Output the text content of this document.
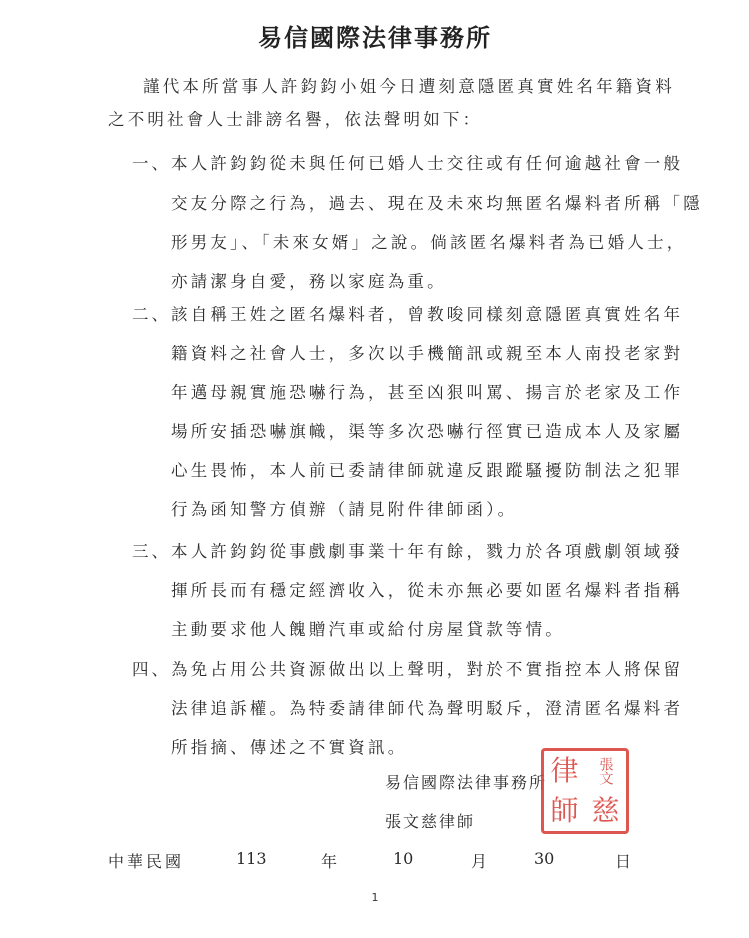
易信國際法律事務所
謹代本所當事人許鈞鈞小姐今日遭刻意隱匿真實姓名年籍資料
之不明社會人士誹謗名譽，依法聲明如下：
一、 本人許鈞鈞從未與任何已婚人士交往或有任何逾越社會一般
交友分際之行為，過去、現在及未來均無匿名爆料者所稱「隱
形男友」、「未來女婿」之說。倘該匿名爆料者為已婚人士，
亦請潔身自愛，務以家庭為重。
二、 該自稱王姓之匿名爆料者，曾教唆同樣刻意隱匿真實姓名年
籍資料之社會人士，多次以手機簡訊或親至本人南投老家對
年邁母親實施恐嚇行為，甚至凶狠叫罵、揚言於老家及工作
場所安插恐嚇旗幟，渠等多次恐嚇行徑實已造成本人及家屬
心生畏怖，本人前已委請律師就違反跟蹤騷擾防制法之犯罪
行為函知警方偵辦（請見附件律師函）。
三、 本人許鈞鈞從事戲劇事業十年有餘，戮力於各項戲劇領域發
揮所長而有穩定經濟收入，從未亦無必要如匿名爆料者指稱
主動要求他人餽贈汽車或給付房屋貸款等情。
四、 為免占用公共資源做出以上聲明，對於不實指控本人將保留
法律追訴權。為特委請律師代為聲明駁斥，澄清匿名爆料者
所指摘、傳述之不實資訊。
易信國際法律事務所
張文慈律師
律	張文
師 慈
中華民國	113	年	10	月	30	日
1
